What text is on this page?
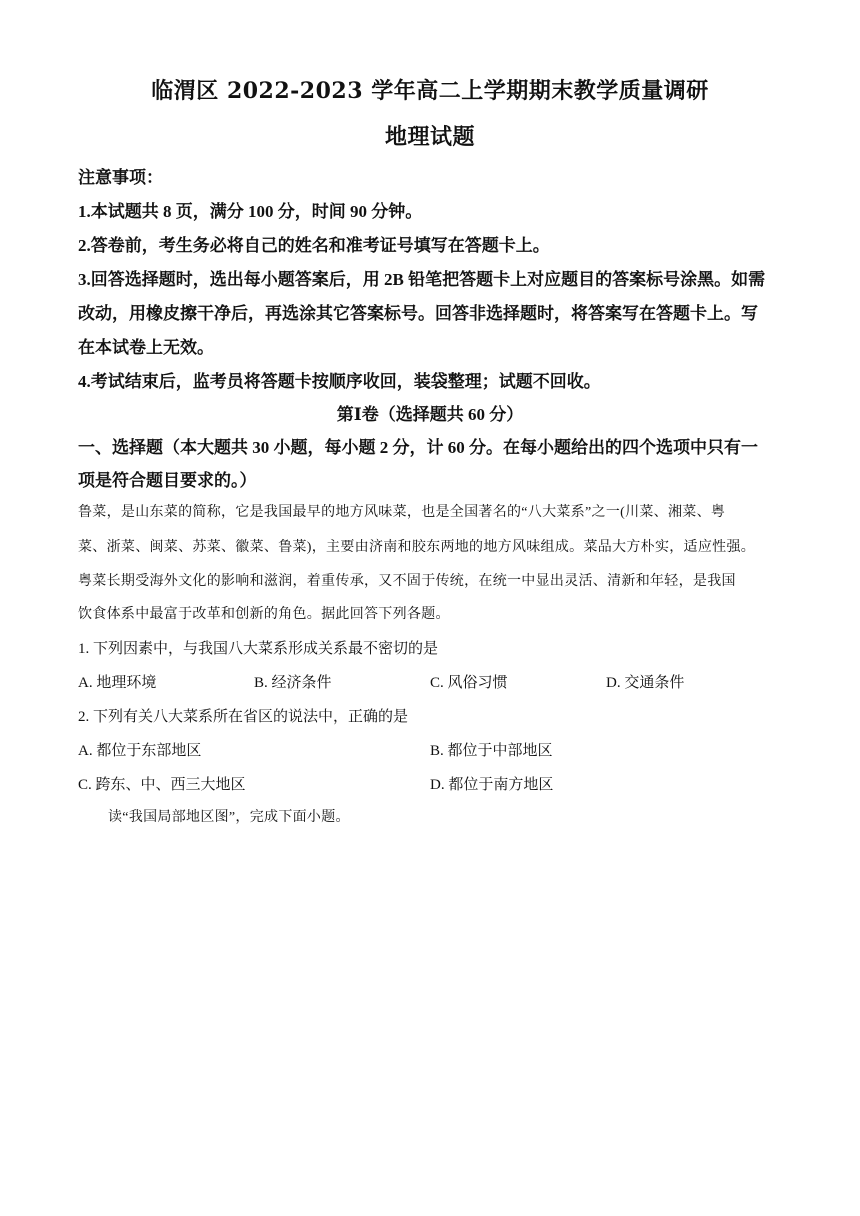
临渭区 2022-2023 学年高二上学期期末教学质量调研
地理试题
注意事项：
1.本试题共 8 页，满分 100 分，时间 90 分钟。
2.答卷前，考生务必将自己的姓名和准考证号填写在答题卡上。
3.回答选择题时，选出每小题答案后，用 2B 铅笔把答题卡上对应题目的答案标号涂黑。如需
改动，用橡皮擦干净后，再选涂其它答案标号。回答非选择题时，将答案写在答题卡上。写
在本试卷上无效。
4.考试结束后，监考员将答题卡按顺序收回，装袋整理；试题不回收。
第Ⅰ卷（选择题共 60 分）
一、选择题（本大题共 30 小题，每小题 2 分，计 60 分。在每小题给出的四个选项中只有一
项是符合题目要求的。）
鲁菜，是山东菜的简称，它是我国最早的地方风味菜，也是全国著名的“八大菜系”之一(川菜、湘菜、粤
菜、浙菜、闽菜、苏菜、徽菜、鲁菜)，主要由济南和胶东两地的地方风味组成。菜品大方朴实，适应性强。
粤菜长期受海外文化的影响和滋润，着重传承，又不固于传统，在统一中显出灵活、清新和年轻，是我国
饮食体系中最富于改革和创新的角色。据此回答下列各题。
1. 下列因素中，与我国八大菜系形成关系最不密切的是
A. 地理环境	B. 经济条件	C. 风俗习惯	D. 交通条件
2. 下列有关八大菜系所在省区的说法中，正确的是
A. 都位于东部地区	B. 都位于中部地区
C. 跨东、中、西三大地区	D. 都位于南方地区
读“我国局部地区图”，完成下面小题。
